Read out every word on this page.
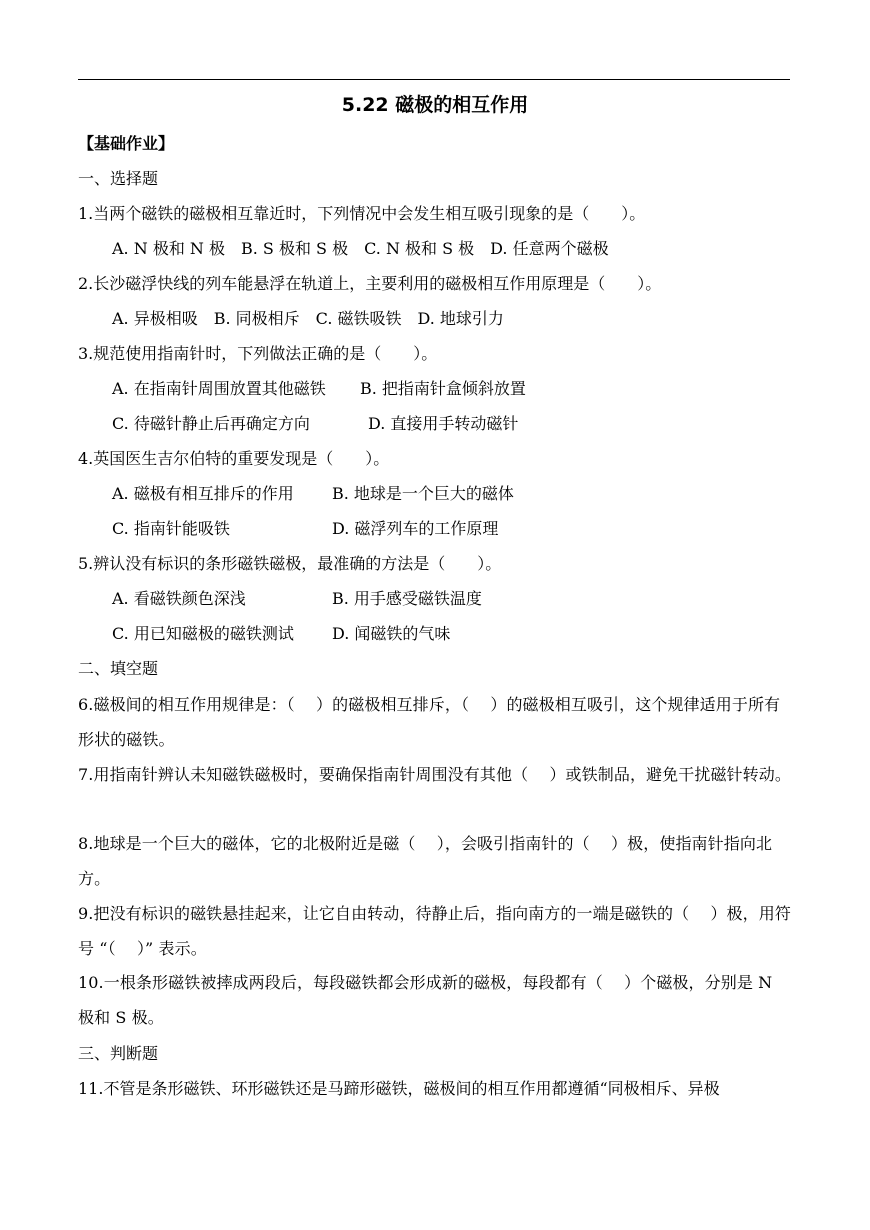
5.22 磁极的相互作用
【基础作业】
一、选择题
1.当两个磁铁的磁极相互靠近时，下列情况中会发生相互吸引现象的是（　　）。
A. N 极和 N 极　B. S 极和 S 极　C. N 极和 S 极　D. 任意两个磁极
2.长沙磁浮快线的列车能悬浮在轨道上，主要利用的磁极相互作用原理是（　　）。
A. 异极相吸　B. 同极相斥　C. 磁铁吸铁　D. 地球引力
3.规范使用指南针时，下列做法正确的是（　　）。
A. 在指南针周围放置其他磁铁 B. 把指南针盒倾斜放置
C. 待磁针静止后再确定方向	D. 直接用手转动磁针
4.英国医生吉尔伯特的重要发现是（　　）。
A. 磁极有相互排斥的作用 B. 地球是一个巨大的磁体
C. 指南针能吸铁	D. 磁浮列车的工作原理
5.辨认没有标识的条形磁铁磁极，最准确的方法是（　　）。
A. 看磁铁颜色深浅	B. 用手感受磁铁温度
C. 用已知磁极的磁铁测试 D. 闻磁铁的气味
二、填空题
6.磁极间的相互作用规律是：（　 ）的磁极相互排斥，（　 ）的磁极相互吸引，这个规律适用于所有形状的磁铁。
7.用指南针辨认未知磁铁磁极时，要确保指南针周围没有其他（　 ）或铁制品，避免干扰磁针转动。
8.地球是一个巨大的磁体，它的北极附近是磁（　 ），会吸引指南针的（　 ）极，使指南针指向北方。
9.把没有标识的磁铁悬挂起来，让它自由转动，待静止后，指向南方的一端是磁铁的（　 ）极，用符号 “（　 ）” 表示。
10.一根条形磁铁被摔成两段后，每段磁铁都会形成新的磁极，每段都有（　 ）个磁极，分别是 N 极和 S 极。
三、判断题
11.不管是条形磁铁、环形磁铁还是马蹄形磁铁，磁极间的相互作用都遵循“同极相斥、异极
